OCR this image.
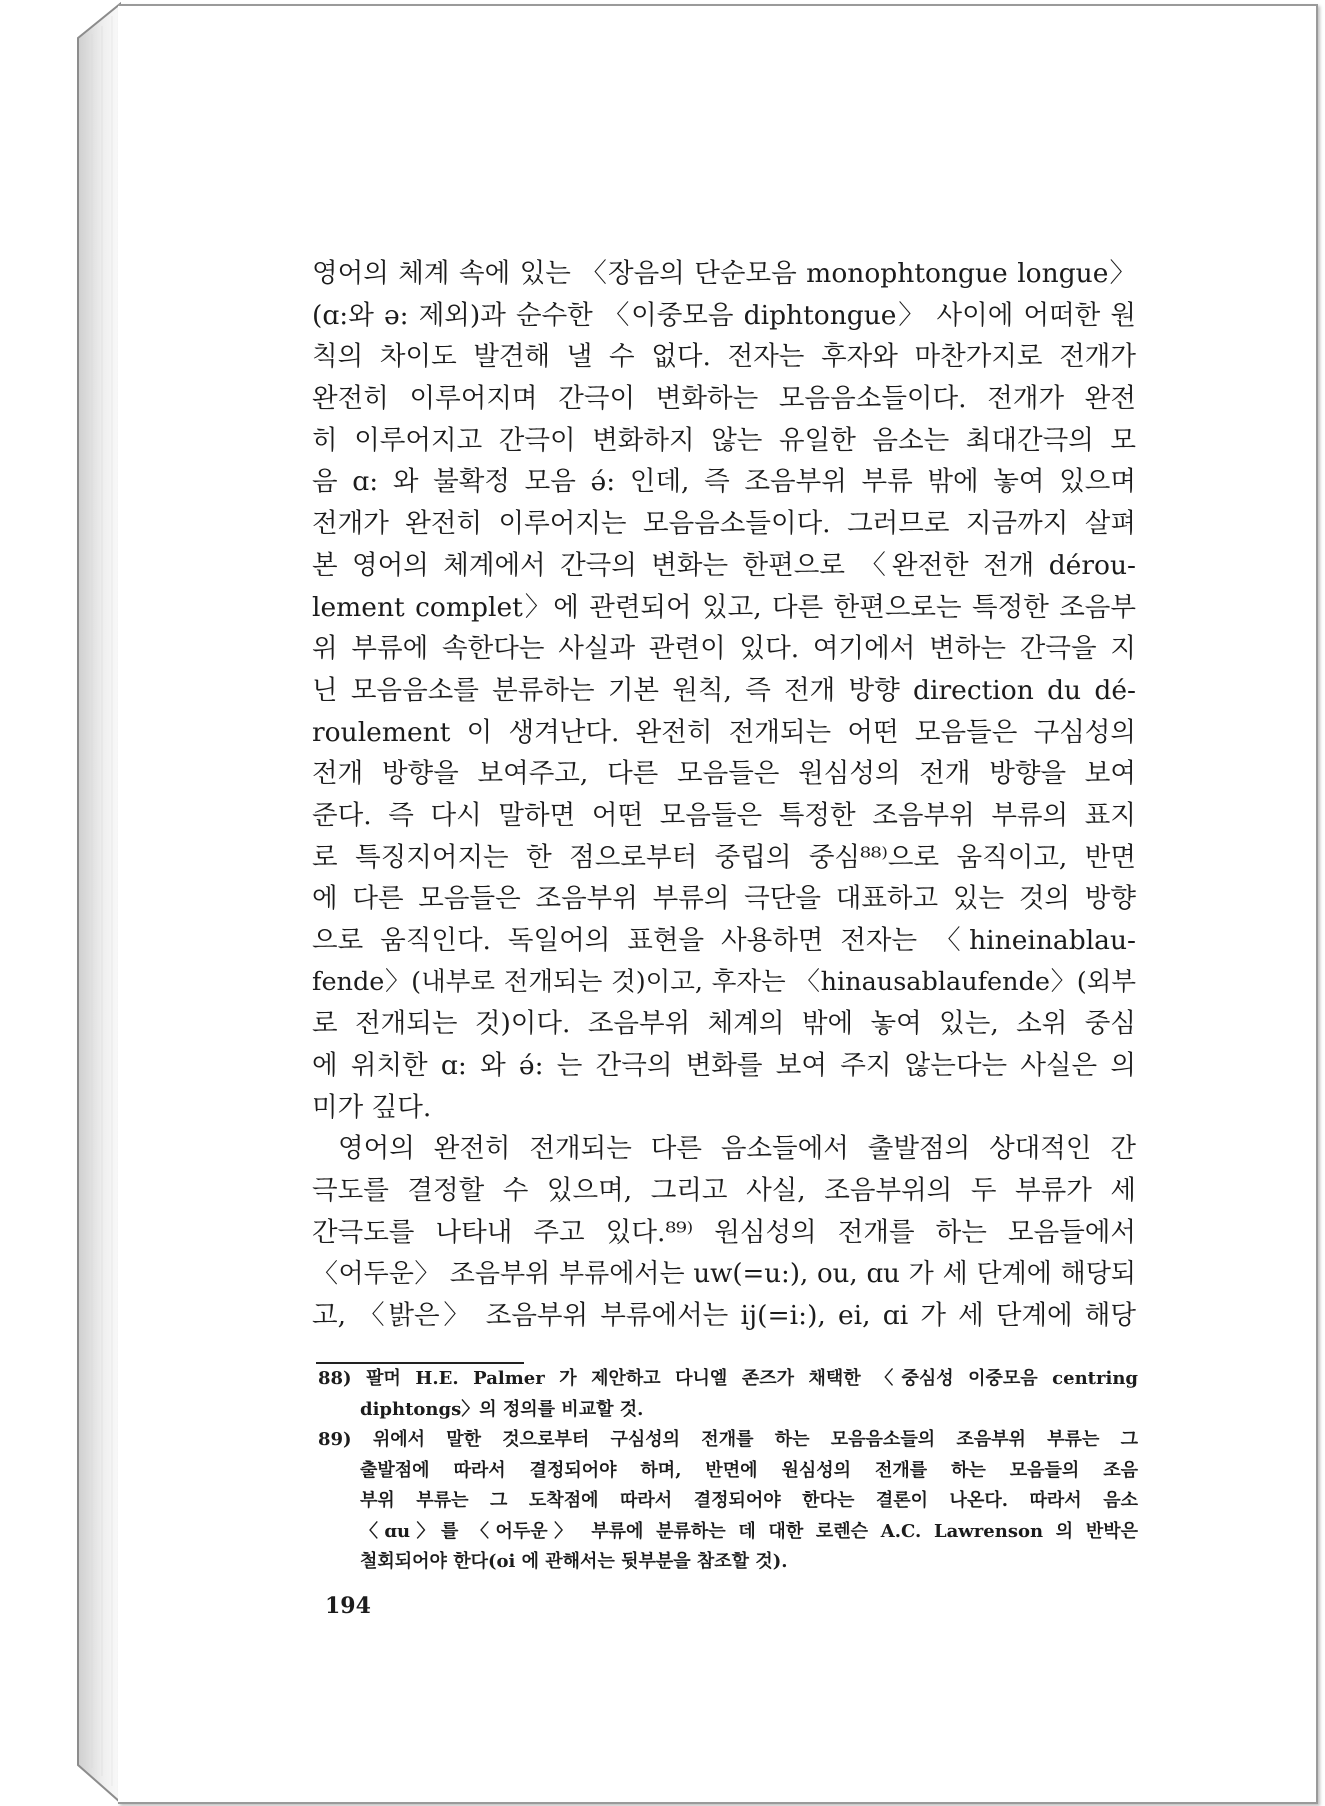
영어의 체계 속에 있는 〈장음의 단순모음 monophtongue longue〉
(ɑ:와 ə: 제외)과 순수한 〈이중모음 diphtongue〉 사이에 어떠한 원
칙의 차이도 발견해 낼 수 없다. 전자는 후자와 마찬가지로 전개가
완전히 이루어지며 간극이 변화하는 모음음소들이다. 전개가 완전
히 이루어지고 간극이 변화하지 않는 유일한 음소는 최대간극의 모
음 ɑ: 와 불확정 모음 ə́: 인데, 즉 조음부위 부류 밖에 놓여 있으며
전개가 완전히 이루어지는 모음음소들이다. 그러므로 지금까지 살펴
본 영어의 체계에서 간극의 변화는 한편으로 〈완전한 전개 dérou-
lement complet〉에 관련되어 있고, 다른 한편으로는 특정한 조음부
위 부류에 속한다는 사실과 관련이 있다. 여기에서 변하는 간극을 지
닌 모음음소를 분류하는 기본 원칙, 즉 전개 방향 direction du dé-
roulement 이 생겨난다. 완전히 전개되는 어떤 모음들은 구심성의
전개 방향을 보여주고, 다른 모음들은 원심성의 전개 방향을 보여
준다. 즉 다시 말하면 어떤 모음들은 특정한 조음부위 부류의 표지
로 특징지어지는 한 점으로부터 중립의 중심⁸⁸⁾으로 움직이고, 반면
에 다른 모음들은 조음부위 부류의 극단을 대표하고 있는 것의 방향
으로 움직인다. 독일어의 표현을 사용하면 전자는 〈hineinablau-
fende〉(내부로 전개되는 것)이고, 후자는 〈hinausablaufende〉(외부
로 전개되는 것)이다. 조음부위 체계의 밖에 놓여 있는, 소위 중심
에 위치한 ɑ: 와 ə́: 는 간극의 변화를 보여 주지 않는다는 사실은 의
미가 깊다.
영어의 완전히 전개되는 다른 음소들에서 출발점의 상대적인 간
극도를 결정할 수 있으며, 그리고 사실, 조음부위의 두 부류가 세
간극도를 나타내 주고 있다.⁸⁹⁾ 원심성의 전개를 하는 모음들에서
〈어두운〉 조음부위 부류에서는 uw(=u:), ou, ɑu 가 세 단계에 해당되
고, 〈밝은〉 조음부위 부류에서는 ij(=i:), ei, ɑi 가 세 단계에 해당
88) 팔머 H.E. Palmer 가 제안하고 다니엘 존즈가 채택한 〈중심성 이중모음 centring
diphtongs〉의 정의를 비교할 것.
89) 위에서 말한 것으로부터 구심성의 전개를 하는 모음음소들의 조음부위 부류는 그
출발점에 따라서 결정되어야 하며, 반면에 원심성의 전개를 하는 모음들의 조음
부위 부류는 그 도착점에 따라서 결정되어야 한다는 결론이 나온다. 따라서 음소
〈ɑu〉를 〈어두운〉 부류에 분류하는 데 대한 로렌슨 A.C. Lawrenson 의 반박은
철회되어야 한다(oi 에 관해서는 뒷부분을 참조할 것).
194
